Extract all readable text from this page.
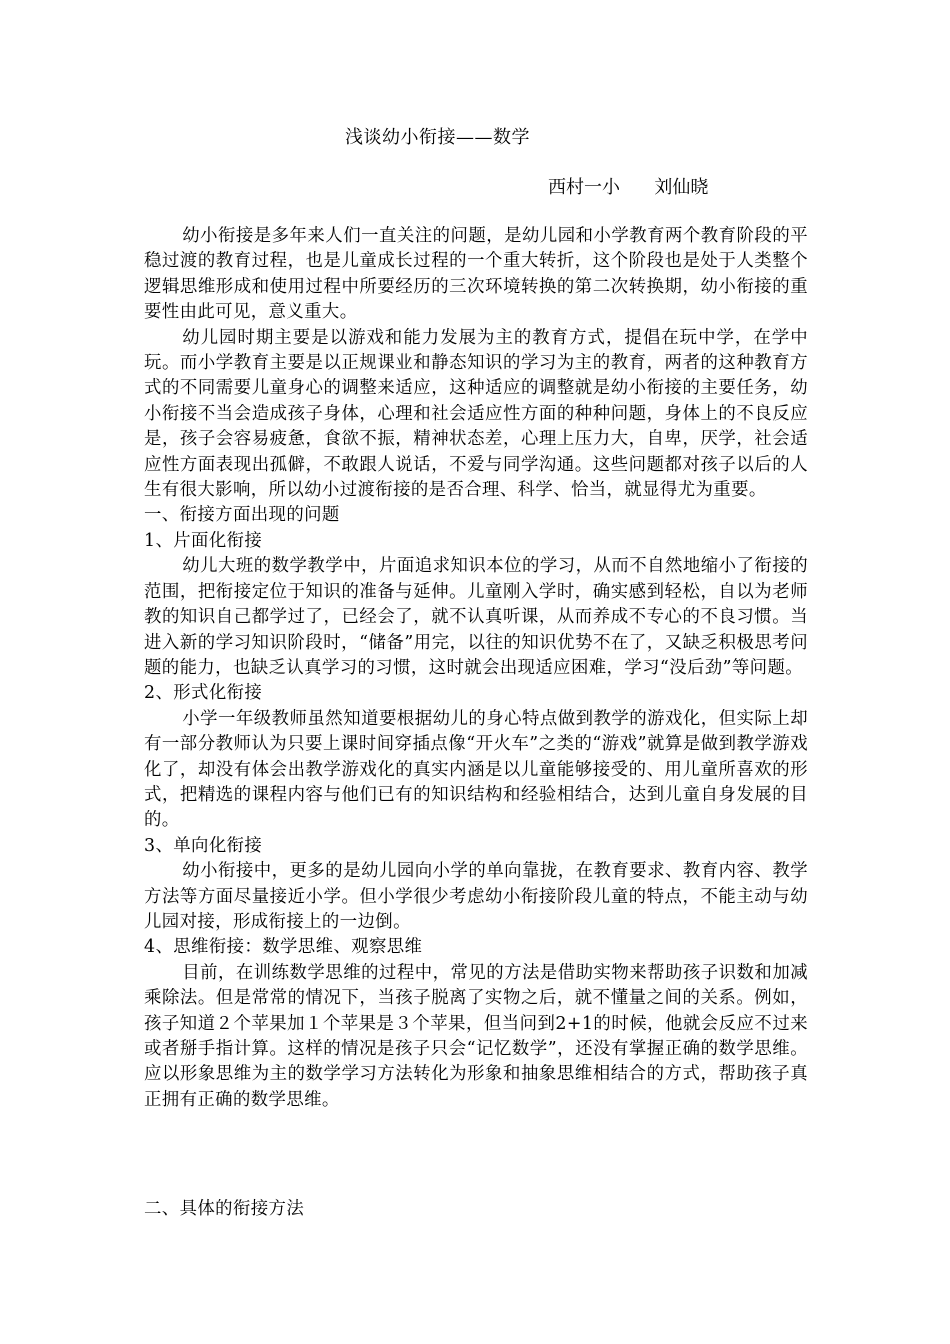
浅谈幼小衔接——数学
西村一小      刘仙晓

幼小衔接是多年来人们一直关注的问题，是幼儿园和小学教育两个教育阶段的平稳过渡的教育过程，也是儿童成长过程的一个重大转折，这个阶段也是处于人类整个逻辑思维形成和使用过程中所要经历的三次环境转换的第二次转换期，幼小衔接的重要性由此可见，意义重大。

幼儿园时期主要是以游戏和能力发展为主的教育方式，提倡在玩中学，在学中玩。而小学教育主要是以正规课业和静态知识的学习为主的教育，两者的这种教育方式的不同需要儿童身心的调整来适应，这种适应的调整就是幼小衔接的主要任务，幼小衔接不当会造成孩子身体，心理和社会适应性方面的种种问题，身体上的不良反应是，孩子会容易疲惫，食欲不振，精神状态差，心理上压力大，自卑，厌学，社会适应性方面表现出孤僻，不敢跟人说话，不爱与同学沟通。这些问题都对孩子以后的人生有很大影响，所以幼小过渡衔接的是否合理、科学、恰当，就显得尤为重要。

一、衔接方面出现的问题
1、片面化衔接

幼儿大班的数学教学中，片面追求知识本位的学习，从而不自然地缩小了衔接的范围，把衔接定位于知识的准备与延伸。儿童刚入学时，确实感到轻松，自以为老师教的知识自己都学过了，已经会了，就不认真听课，从而养成不专心的不良习惯。当进入新的学习知识阶段时，“储备”用完，以往的知识优势不在了，又缺乏积极思考问题的能力，也缺乏认真学习的习惯，这时就会出现适应困难，学习“没后劲”等问题。

2、形式化衔接

小学一年级教师虽然知道要根据幼儿的身心特点做到教学的游戏化，但实际上却有一部分教师认为只要上课时间穿插点像“开火车”之类的“游戏”就算是做到教学游戏化了，却没有体会出教学游戏化的真实内涵是以儿童能够接受的、用儿童所喜欢的形式，把精选的课程内容与他们已有的知识结构和经验相结合，达到儿童自身发展的目的。

3、单向化衔接

幼小衔接中，更多的是幼儿园向小学的单向靠拢，在教育要求、教育内容、教学方法等方面尽量接近小学。但小学很少考虑幼小衔接阶段儿童的特点，不能主动与幼儿园对接，形成衔接上的一边倒。

4、思维衔接：数学思维、观察思维

目前，在训练数学思维的过程中，常见的方法是借助实物来帮助孩子识数和加减乘除法。但是常常的情况下，当孩子脱离了实物之后，就不懂量之间的关系。例如，孩子知道２个苹果加１个苹果是３个苹果，但当问到2+1的时候，他就会反应不过来或者掰手指计算。这样的情况是孩子只会“记忆数学”，还没有掌握正确的数学思维。应以形象思维为主的数学学习方法转化为形象和抽象思维相结合的方式，帮助孩子真正拥有正确的数学思维。

二、具体的衔接方法
